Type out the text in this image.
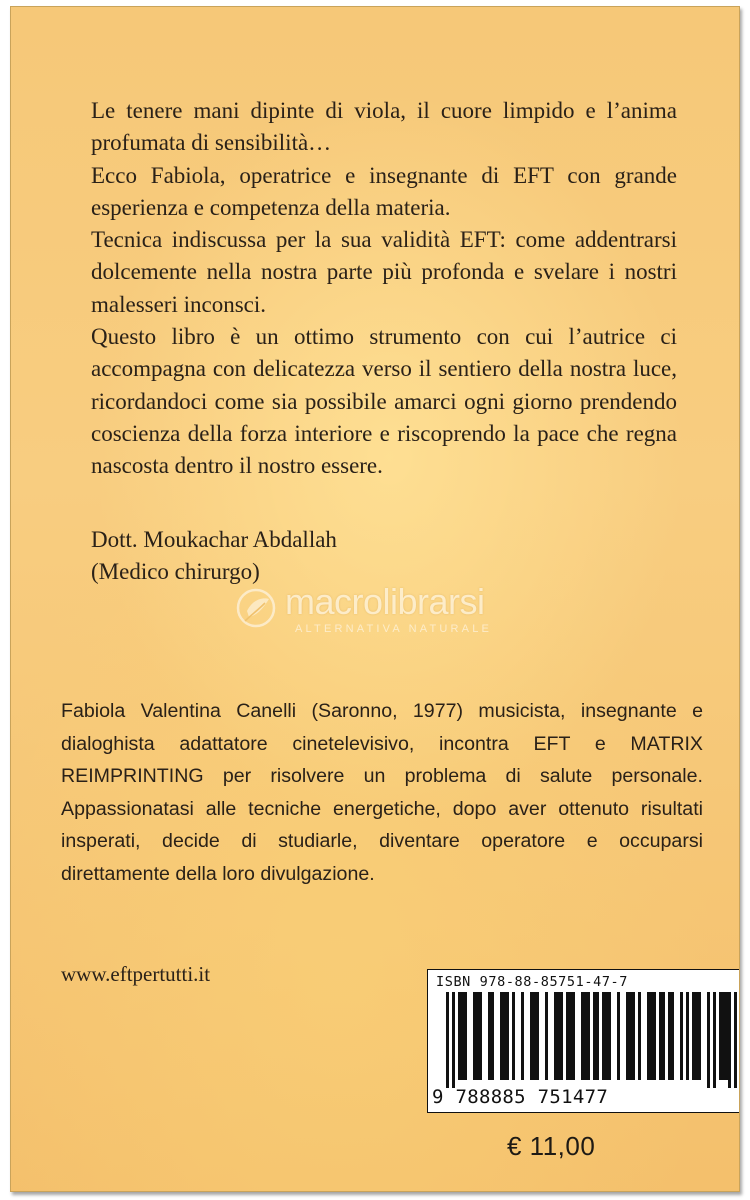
Le tenere mani dipinte di viola, il cuore limpido e l’anima profumata di sensibilità…

Ecco Fabiola, operatrice e insegnante di EFT con grande esperienza e competenza della materia.

Tecnica indiscussa per la sua validità EFT: come addentrarsi dolcemente nella nostra parte più profonda e svelare i nostri malesseri inconsci.

Questo libro è un ottimo strumento con cui l’autrice ci accompagna con delicatezza verso il sentiero della nostra luce, ricordandoci come sia possibile amarci ogni giorno prendendo coscienza della forza interiore e riscoprendo la pace che regna nascosta dentro il nostro essere.

Dott. Moukachar Abdallah
(Medico chirurgo)
macrolibrarsi
ALTERNATIVA NATURALE

Fabiola Valentina Canelli (Saronno, 1977) musicista, insegnante e dialoghista adattatore cinetelevisivo, incontra EFT e MATRIX REIMPRINTING per risolvere un problema di salute personale. Appassionatasi alle tecniche energetiche, dopo aver ottenuto risultati insperati, decide di studiarle, diventare operatore e occuparsi direttamente della loro divulgazione.

www.eftpertutti.it	ISBN 978-88-85751-47-7
9 788885 751477
€ 11,00
